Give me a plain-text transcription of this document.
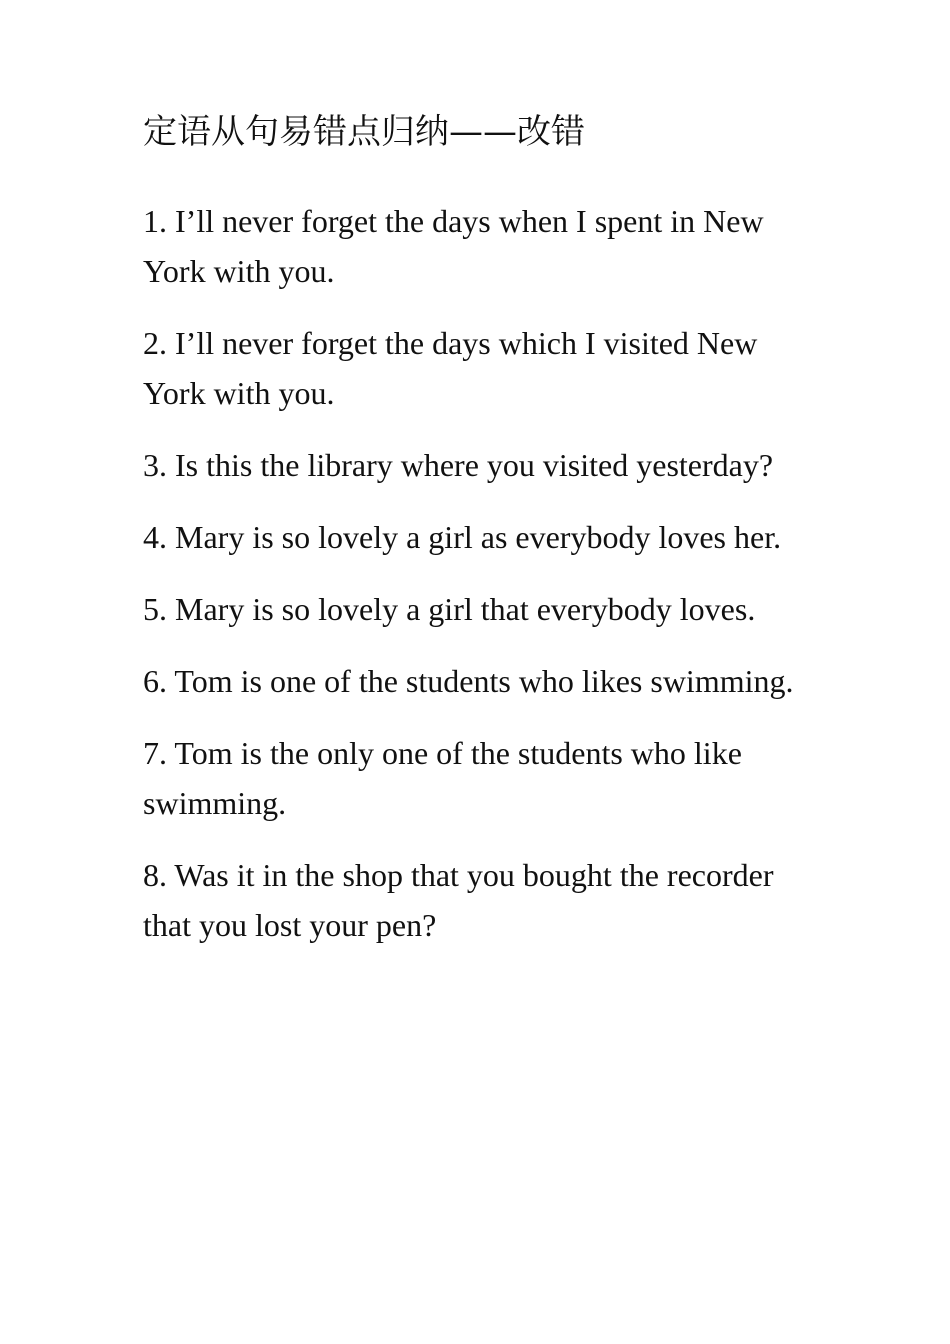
定语从句易错点归纳——改错

1. I’ll never forget the days when I spent in New York with you.

2. I’ll never forget the days which I visited New York with you.

3. Is this the library where you visited yesterday?

4. Mary is so lovely a girl as everybody loves her.

5. Mary is so lovely a girl that everybody loves.

6. Tom is one of the students who likes swimming.

7. Tom is the only one of the students who like swimming.

8. Was it in the shop that you bought the recorder that you lost your pen?
